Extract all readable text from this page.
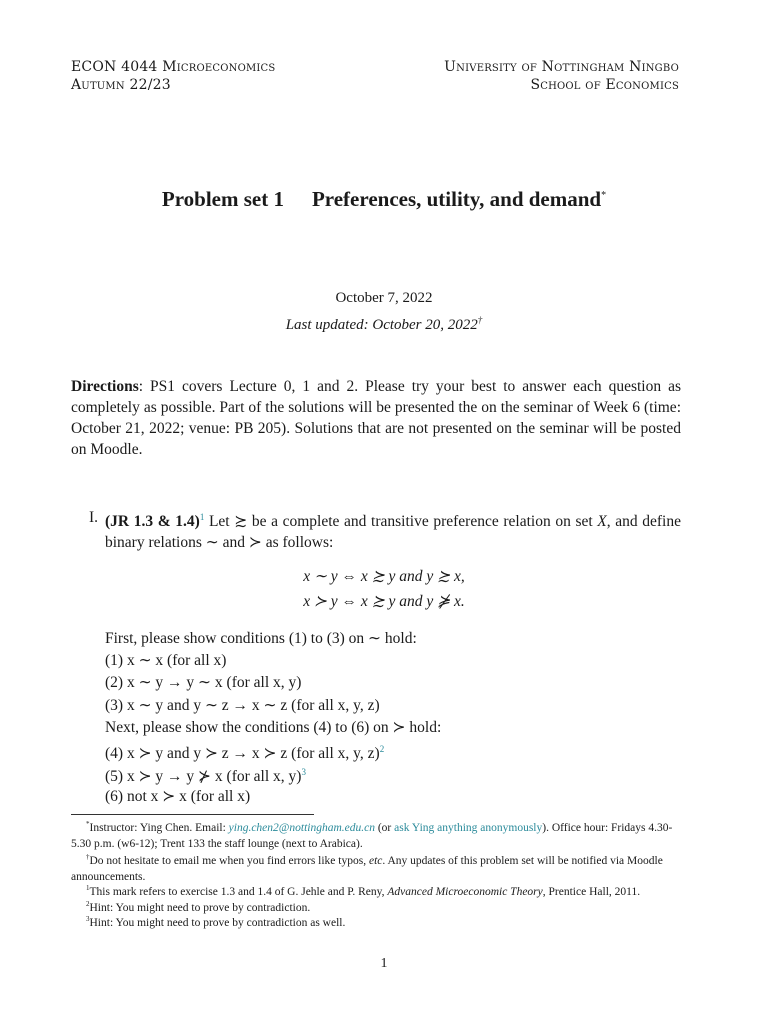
ECON 4044 Microeconomics
Autumn 22/23
University of Nottingham Ningbo
School of Economics
Problem set 1 Preferences, utility, and demand*
October 7, 2022
Last updated: October 20, 2022†
Directions: PS1 covers Lecture 0, 1 and 2. Please try your best to answer each question as completely as possible. Part of the solutions will be presented the on the seminar of Week 6 (time: October 21, 2022; venue: PB 205). Solutions that are not presented on the seminar will be posted on Moodle.
I. (JR 1.3 & 1.4)$^1$ Let ≿ be a complete and transitive preference relation on set X, and define binary relations ∼ and ≻ as follows:
x ∼ y ⇔ x ≿ y and y ≿ x,
x ≻ y ⇔ x ≿ y and y ⋡ x.
First, please show conditions (1) to (3) on ∼ hold:
(1) x ∼ x (for all x)
(2) x ∼ y → y ∼ x (for all x, y)
(3) x ∼ y and y ∼ z → x ∼ z (for all x, y, z)
Next, please show the conditions (4) to (6) on ≻ hold:
(4) x ≻ y and y ≻ z → x ≻ z (for all x, y, z)$^2$
(5) x ≻ y → y ⊁ x (for all x, y)$^3$
(6) not x ≻ x (for all x)
*Instructor: Ying Chen. Email: ying.chen2@nottingham.edu.cn (or ask Ying anything anonymously). Office hour: Fridays 4.30-5.30 p.m. (w6-12); Trent 133 the staff lounge (next to Arabica).
†Do not hesitate to email me when you find errors like typos, etc. Any updates of this problem set will be notified via Moodle announcements.
$^1$This mark refers to exercise 1.3 and 1.4 of G. Jehle and P. Reny, Advanced Microeconomic Theory, Prentice Hall, 2011.
$^2$Hint: You might need to prove by contradiction.
$^3$Hint: You might need to prove by contradiction as well.
1
